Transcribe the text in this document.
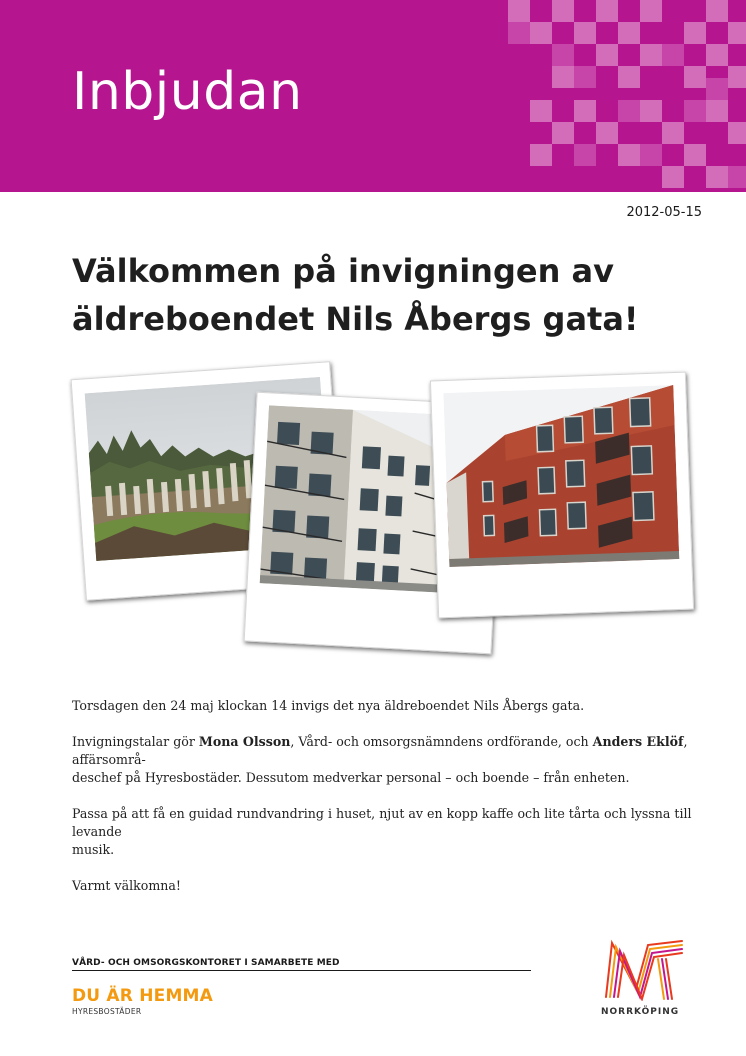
Inbjudan
2012-05-15
Välkommen på invigningen av
äldreboendet Nils Åbergs gata!

Torsdagen den 24 maj klockan 14 invigs det nya äldreboendet Nils Åbergs gata.

Invigningstalar gör Mona Olsson, Vård- och omsorgsnämndens ordförande, och Anders Eklöf, affärsområ-
deschef på Hyresbostäder. Dessutom medverkar personal – och boende – från enheten.

Passa på att få en guidad rundvandring i huset, njut av en kopp kaffe och lite tårta och lyssna till levande
musik.

Varmt välkomna!

VÅRD- OCH OMSORGSKONTORET I SAMARBETE MED
DU ÄR HEMMA
HYRESBOSTÄDER	NORRKÖPING
